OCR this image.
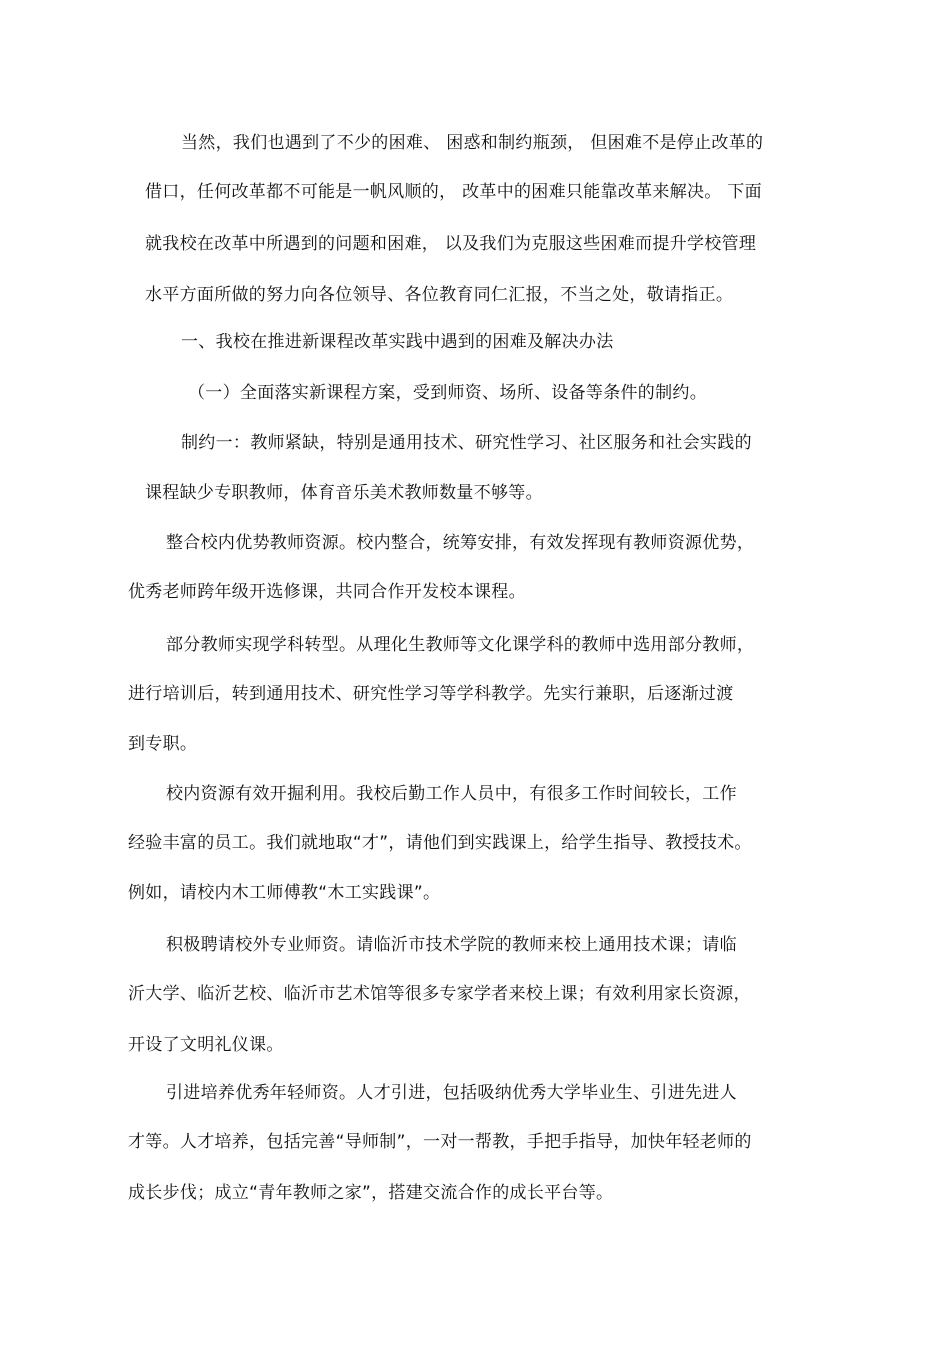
当然，我们也遇到了不少的困难、 困惑和制约瓶颈， 但困难不是停止改革的
借口，任何改革都不可能是一帆风顺的， 改革中的困难只能靠改革来解决。 下面
就我校在改革中所遇到的问题和困难， 以及我们为克服这些困难而提升学校管理
水平方面所做的努力向各位领导、各位教育同仁汇报，不当之处，敬请指正。
一、我校在推进新课程改革实践中遇到的困难及解决办法
（一）全面落实新课程方案，受到师资、场所、设备等条件的制约。
制约一：教师紧缺，特别是通用技术、研究性学习、社区服务和社会实践的
课程缺少专职教师，体育音乐美术教师数量不够等。
整合校内优势教师资源。校内整合，统筹安排，有效发挥现有教师资源优势，
优秀老师跨年级开选修课，共同合作开发校本课程。
部分教师实现学科转型。从理化生教师等文化课学科的教师中选用部分教师，
进行培训后，转到通用技术、研究性学习等学科教学。先实行兼职，后逐渐过渡
到专职。
校内资源有效开掘利用。我校后勤工作人员中，有很多工作时间较长，工作
经验丰富的员工。我们就地取“才”，请他们到实践课上，给学生指导、教授技术。
例如，请校内木工师傅教“木工实践课”。
积极聘请校外专业师资。请临沂市技术学院的教师来校上通用技术课；请临
沂大学、临沂艺校、临沂市艺术馆等很多专家学者来校上课；有效利用家长资源，
开设了文明礼仪课。
引进培养优秀年轻师资。人才引进，包括吸纳优秀大学毕业生、引进先进人
才等。人才培养，包括完善“导师制”，一对一帮教，手把手指导，加快年轻老师的
成长步伐；成立“青年教师之家”，搭建交流合作的成长平台等。
